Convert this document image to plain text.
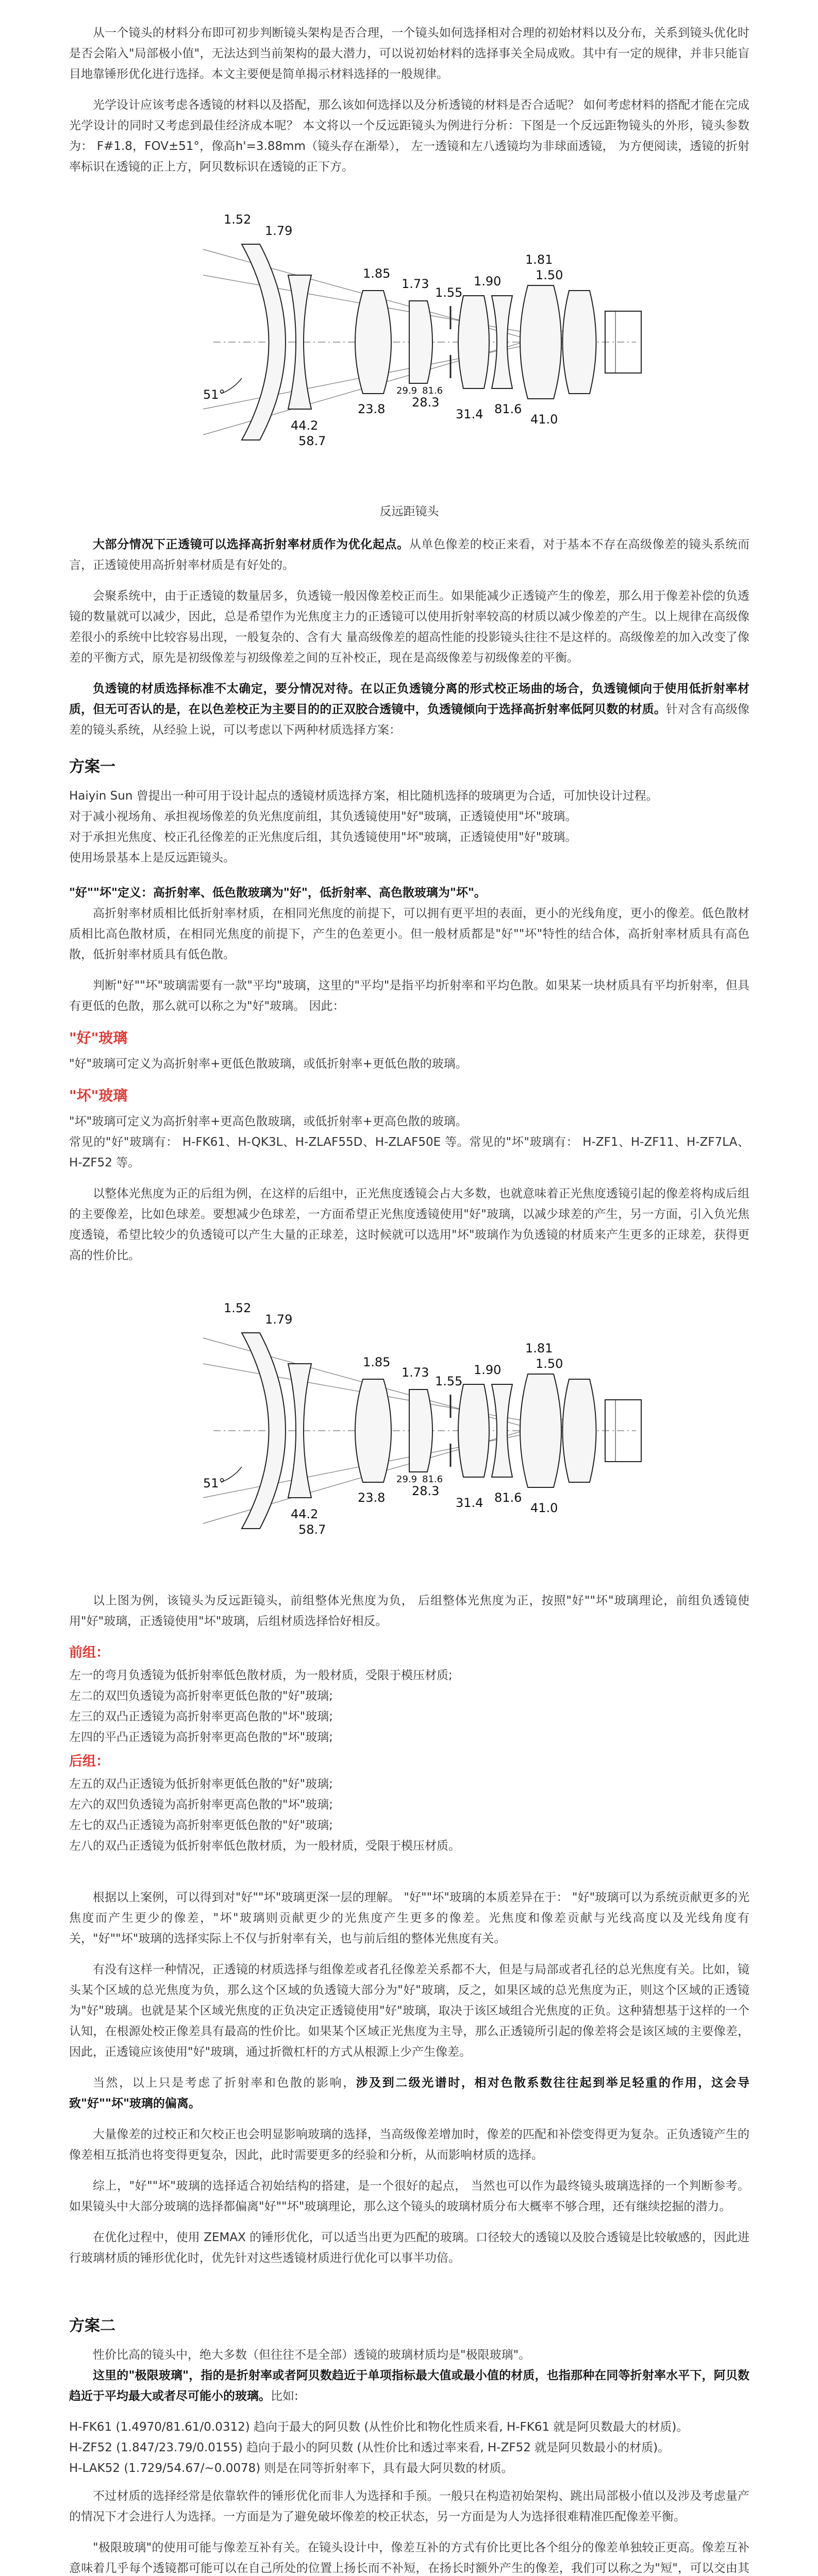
从一个镜头的材料分布即可初步判断镜头架构是否合理，一个镜头如何选择相对合理的初始材料以及分布，关系到镜头优化时是否会陷入"局部极小值"，无法达到当前架构的最大潜力，可以说初始材料的选择事关全局成败。其中有一定的规律，并非只能盲目地靠锤形优化进行选择。本文主要便是简单揭示材料选择的一般规律。

光学设计应该考虑各透镜的材料以及搭配，那么该如何选择以及分析透镜的材料是否合适呢？ 如何考虑材料的搭配才能在完成光学设计的同时又考虑到最佳经济成本呢？ 本文将以一个反远距镜头为例进行分析：下图是一个反远距物镜头的外形，镜头参数为： F#1.8，FOV±51°，像高h'=3.88mm（镜头存在渐晕）， 左一透镜和左八透镜均为非球面透镜， 为方便阅读，透镜的折射率标识在透镜的正上方，阿贝数标识在透镜的正下方。

1.52
1.79
1.85
1.73
1.55
1.90
1.81
1.50
23.8 28.3
31.4 81.6
41.0
44.2
58.7
81.6
29.9
51°
反远距镜头

大部分情况下正透镜可以选择高折射率材质作为优化起点。从单色像差的校正来看，对于基本不存在高级像差的镜头系统而言，正透镜使用高折射率材质是有好处的。

会聚系统中，由于正透镜的数量居多，负透镜一般因像差校正而生。如果能减少正透镜产生的像差，那么用于像差补偿的负透镜的数量就可以减少，因此，总是希望作为光焦度主力的正透镜可以使用折射率较高的材质以减少像差的产生。以上规律在高级像差很小的系统中比较容易出现，一般复杂的、含有大 量高级像差的超高性能的投影镜头往往不是这样的。高级像差的加入改变了像差的平衡方式，原先是初级像差与初级像差之间的互补校正，现在是高级像差与初级像差的平衡。

负透镜的材质选择标准不太确定，要分情况对待。在以正负透镜分离的形式校正场曲的场合，负透镜倾向于使用低折射率材质，但无可否认的是，在以色差校正为主要目的的正双胶合透镜中，负透镜倾向于选择高折射率低阿贝数的材质。针对含有高级像差的镜头系统，从经验上说，可以考虑以下两种材质选择方案：

方案一

Haiyin Sun 曾提出一种可用于设计起点的透镜材质选择方案，相比随机选择的玻璃更为合适，可加快设计过程。

对于减小视场角、承担视场像差的负光焦度前组，其负透镜使用"好"玻璃，正透镜使用"坏"玻璃。

对于承担光焦度、校正孔径像差的正光焦度后组，其负透镜使用"坏"玻璃，正透镜使用"好"玻璃。

使用场景基本上是反远距镜头。

"好""坏"定义：高折射率、低色散玻璃为"好"，低折射率、高色散玻璃为"坏"。

高折射率材质相比低折射率材质，在相同光焦度的前提下，可以拥有更平坦的表面，更小的光线角度，更小的像差。低色散材质相比高色散材质，在相同光焦度的前提下，产生的色差更小。但一般材质都是"好""坏"特性的结合体，高折射率材质具有高色散，低折射率材质具有低色散。

判断"好""坏"玻璃需要有一款"平均"玻璃，这里的"平均"是指平均折射率和平均色散。如果某一块材质具有平均折射率，但具有更低的色散，那么就可以称之为"好"玻璃。 因此：

"好"玻璃

"好"玻璃可定义为高折射率+更低色散玻璃，或低折射率+更低色散的玻璃。

"坏"玻璃

"坏"玻璃可定义为高折射率+更高色散玻璃，或低折射率+更高色散的玻璃。

常见的"好"玻璃有： H-FK61、H-QK3L、H-ZLAF55D、H-ZLAF50E 等。常见的"坏"玻璃有： H-ZF1、H-ZF11、H-ZF7LA、H-ZF52 等。

以整体光焦度为正的后组为例，在这样的后组中，正光焦度透镜会占大多数，也就意味着正光焦度透镜引起的像差将构成后组的主要像差，比如色球差。要想减少色球差，一方面希望正光焦度透镜使用"好"玻璃，以减少球差的产生，另一方面，引入负光焦度透镜，希望比较少的负透镜可以产生大量的正球差，这时候就可以选用"坏"玻璃作为负透镜的材质来产生更多的正球差，获得更高的性价比。

1.52
1.79
1.85
1.73
1.55
1.90
1.81
1.50
23.8 28.3
31.4 81.6
41.0
44.2
58.7
81.6
29.9
51°

以上图为例，该镜头为反远距镜头，前组整体光焦度为负， 后组整体光焦度为正，按照"好""坏"玻璃理论，前组负透镜使用"好"玻璃，正透镜使用"坏"玻璃，后组材质选择恰好相反。

前组：

左一的弯月负透镜为低折射率低色散材质，为一般材质，受限于模压材质;

左二的双凹负透镜为高折射率更低色散的"好"玻璃;

左三的双凸正透镜为高折射率更高色散的"坏"玻璃;

左四的平凸正透镜为高折射率更高色散的"坏"玻璃;

后组：

左五的双凸正透镜为低折射率更低色散的"好"玻璃;

左六的双凹负透镜为高折射率更高色散的"坏"玻璃;

左七的双凸正透镜为高折射率更低色散的"好"玻璃;

左八的双凸正透镜为低折射率低色散材质，为一般材质，受限于模压材质。

根据以上案例，可以得到对"好""坏"玻璃更深一层的理解。 "好""坏"玻璃的本质差异在于： "好"玻璃可以为系统贡献更多的光焦度而产生更少的像差，"坏"玻璃则贡献更少的光焦度产生更多的像差。光焦度和像差贡献与光线高度以及光线角度有关，"好""坏"玻璃的选择实际上不仅与折射率有关，也与前后组的整体光焦度有关。

有没有这样一种情况，正透镜的材质选择与组像差或者孔径像差关系都不大，但是与局部或者孔径的总光焦度有关。比如，镜头某个区域的总光焦度为负，那么这个区域的负透镜大部分为"好"玻璃，反之，如果区域的总光焦度为正，则这个区域的正透镜为"好"玻璃。也就是某个区域光焦度的正负决定正透镜使用"好"玻璃，取决于该区域组合光焦度的正负。这种猜想基于这样的一个认知，在根源处校正像差具有最高的性价比。如果某个区域正光焦度为主导，那么正透镜所引起的像差将会是该区域的主要像差，因此，正透镜应该使用"好"玻璃，通过折微杠杆的方式从根源上少产生像差。

当然，以上只是考虑了折射率和色散的影响，涉及到二级光谱时，相对色散系数往往起到举足轻重的作用，这会导致"好""坏"玻璃的偏离。

大量像差的过校正和欠校正也会明显影响玻璃的选择，当高级像差增加时，像差的匹配和补偿变得更为复杂。正负透镜产生的像差相互抵消也将变得更复杂，因此，此时需要更多的经验和分析，从而影响材质的选择。

综上，"好""坏"玻璃的选择适合初始结构的搭建，是一个很好的起点， 当然也可以作为最终镜头玻璃选择的一个判断参考。 如果镜头中大部分玻璃的选择都偏离"好""坏"玻璃理论，那么这个镜头的玻璃材质分布大概率不够合理，还有继续挖掘的潜力。

在优化过程中，使用 ZEMAX 的锤形优化，可以适当出更为匹配的玻璃。口径较大的透镜以及胶合透镜是比较敏感的，因此进行玻璃材质的锤形优化时，优先针对这些透镜材质进行优化可以事半功倍。

方案二

性价比高的镜头中，绝大多数（但往往不是全部）透镜的玻璃材质均是"极限玻璃"。

这里的"极限玻璃"，指的是折射率或者阿贝数趋近于单项指标最大值或最小值的材质，也指那种在同等折射率水平下，阿贝数趋近于平均最大或者尽可能小的玻璃。比如:

H-FK61 (1.4970/81.61/0.0312) 趋向于最大的阿贝数 (从性价比和物化性质来看, H-FK61 就是阿贝数最大的材质)。

H-ZF52 (1.847/23.79/0.0155) 趋向于最小的阿贝数 (从性价比和透过率来看, H-ZF52 就是阿贝数最小的材质)。

H-LAK52 (1.729/54.67/~0.0078) 则是在同等折射率下，具有最大阿贝数的材质。

不过材质的选择经常是依靠软件的锤形优化而非人为选择和手预。一般只在构造初始架构、跳出局部极小值以及涉及考虑量产的情况下才会进行人为选择。一方面是为了避免破坏像差的校正状态，另一方面是为人为选择很难精准匹配像差平衡。

"极限玻璃"的使用可能与像差互补有关。在镜头设计中，像差互补的方式有价比更比各个组分的像差单独较正更高。像差互补意味着几乎每个透镜都可能可以在自己所处的位置上扬长而不补短，在扬长时额外产生的像差，我们可以称之为"短"，可以交由其
